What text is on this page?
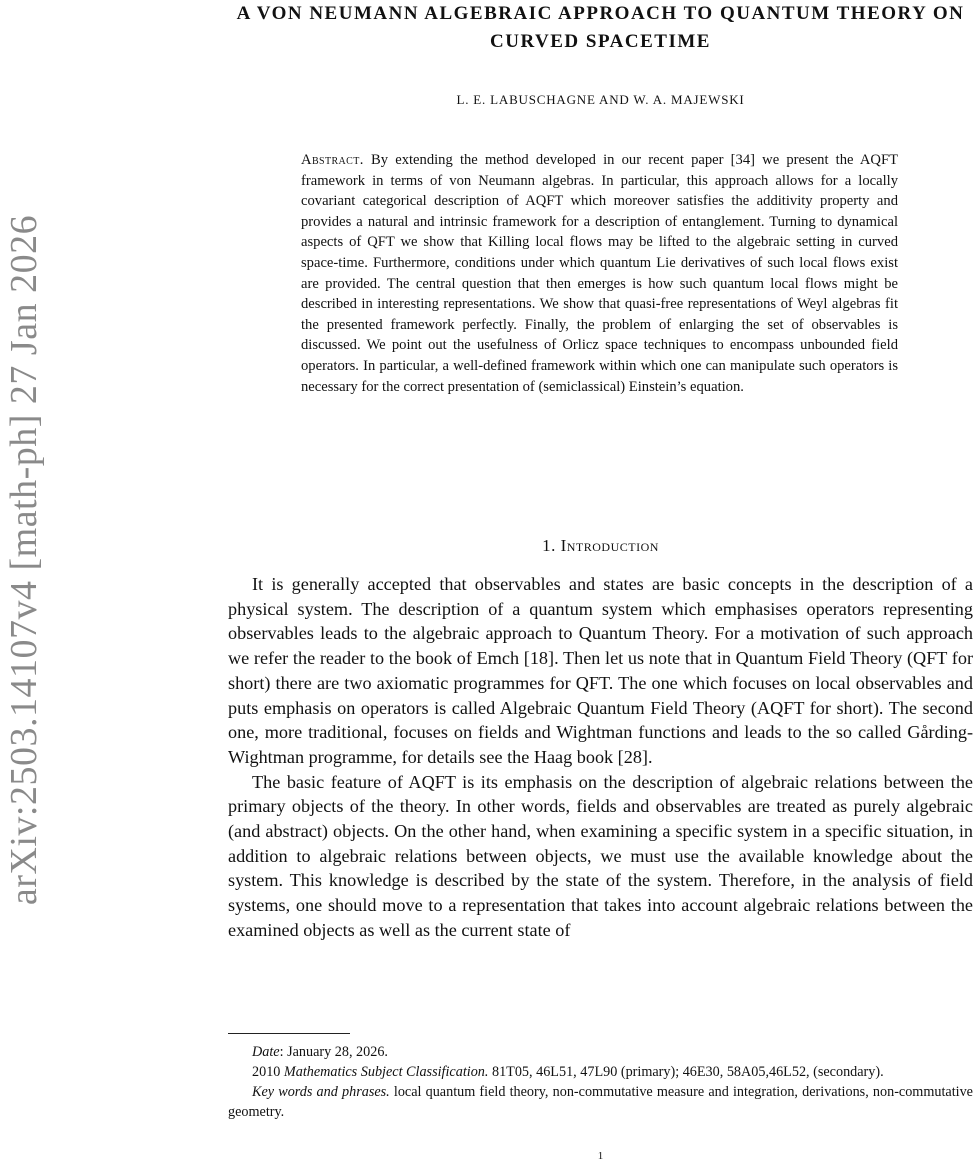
arXiv:2503.14107v4 [math-ph] 27 Jan 2026
A VON NEUMANN ALGEBRAIC APPROACH TO QUANTUM THEORY ON CURVED SPACETIME
L. E. LABUSCHAGNE AND W. A. MAJEWSKI
Abstract. By extending the method developed in our recent paper [34] we present the AQFT framework in terms of von Neumann algebras. In particular, this approach allows for a locally covariant categorical description of AQFT which moreover satisfies the additivity property and provides a natural and intrinsic framework for a description of entanglement. Turning to dynamical aspects of QFT we show that Killing local flows may be lifted to the algebraic setting in curved space-time. Furthermore, conditions under which quantum Lie derivatives of such local flows exist are provided. The central question that then emerges is how such quantum local flows might be described in interesting representations. We show that quasi-free representations of Weyl algebras fit the presented framework perfectly. Finally, the problem of enlarging the set of observables is discussed. We point out the usefulness of Orlicz space techniques to encompass unbounded field operators. In particular, a well-defined framework within which one can manipulate such operators is necessary for the correct presentation of (semiclassical) Einstein’s equation.
1. Introduction

It is generally accepted that observables and states are basic concepts in the description of a physical system. The description of a quantum system which emphasises operators representing observables leads to the algebraic approach to Quantum Theory. For a motivation of such approach we refer the reader to the book of Emch [18]. Then let us note that in Quantum Field Theory (QFT for short) there are two axiomatic programmes for QFT. The one which focuses on local observables and puts emphasis on operators is called Algebraic Quantum Field Theory (AQFT for short). The second one, more traditional, focuses on fields and Wightman functions and leads to the so called Gårding-Wightman programme, for details see the Haag book [28].

The basic feature of AQFT is its emphasis on the description of algebraic relations between the primary objects of the theory. In other words, fields and observables are treated as purely algebraic (and abstract) objects. On the other hand, when examining a specific system in a specific situation, in addition to algebraic relations between objects, we must use the available knowledge about the system. This knowledge is described by the state of the system. Therefore, in the analysis of field systems, one should move to a representation that takes into account algebraic relations between the examined objects as well as the current state of

Date: January 28, 2026.

2010 Mathematics Subject Classification. 81T05, 46L51, 47L90 (primary); 46E30, 58A05,46L52, (secondary).

Key words and phrases. local quantum field theory, non-commutative measure and integration, derivations, non-commutative geometry.

1
